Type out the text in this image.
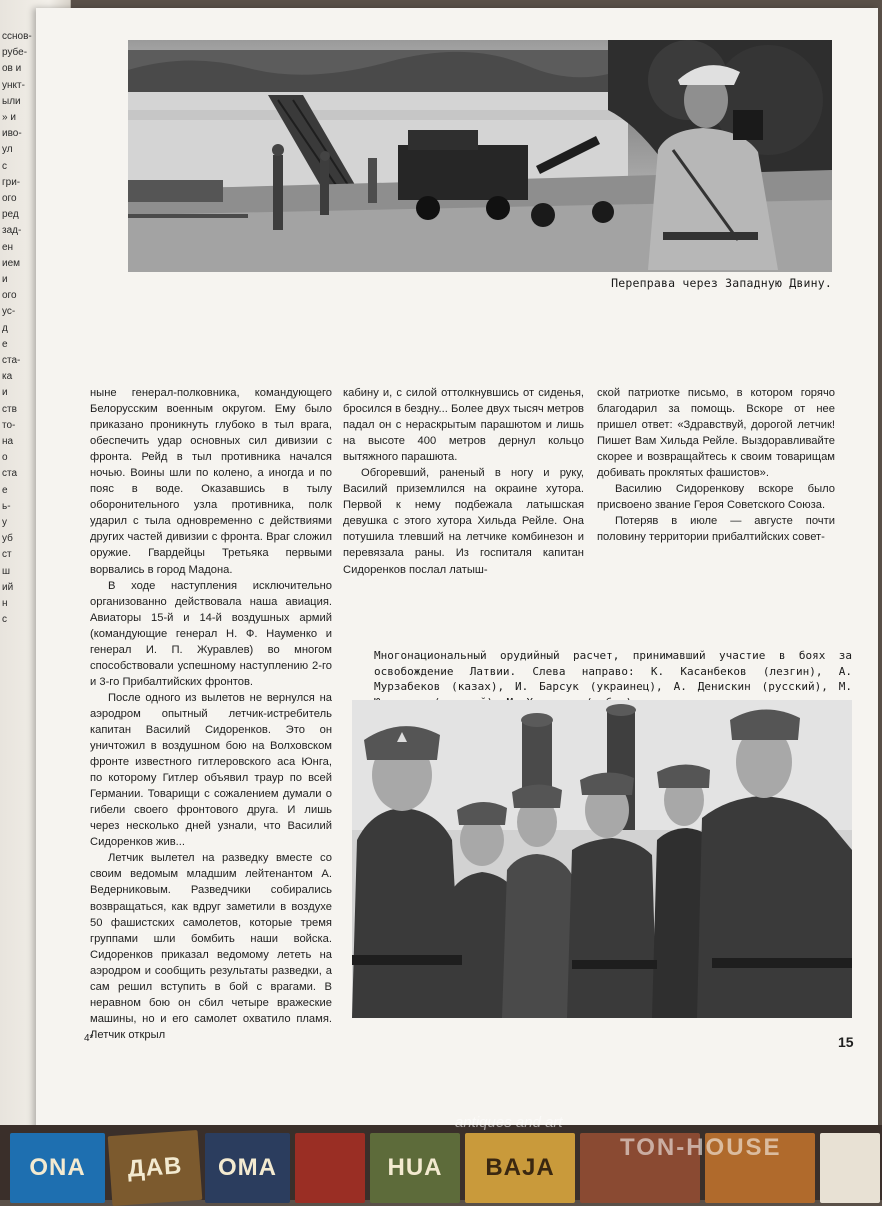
сснов-
рубе-
ов и
ункт-
ыли
» и
иво-
ул
с
гри-
ого
ред
зад-
ен
ием
и
ого
ус-
д
е
ста-
ка
и
ств
то-
на
о
ста
е
ь-
у
уб
ст
ш
ий
н
с
Переправа через Западную Двину.

ныне генерал-полковника, командующего Белорусским военным округом. Ему было приказано проникнуть глубоко в тыл врага, обеспечить удар основных сил дивизии с фронта. Рейд в тыл противника начался ночью. Воины шли по колено, а иногда и по пояс в воде. Оказавшись в тылу оборонительного узла противника, полк ударил с тыла одновременно с действиями других частей дивизии с фронта. Враг сложил оружие. Гвардейцы Третьяка первыми ворвались в город Мадона.

В ходе наступления исключительно организованно действовала наша авиация. Авиаторы 15-й и 14-й воздушных армий (командующие генерал Н. Ф. Науменко и генерал И. П. Журавлев) во многом способствовали успешному наступлению 2-го и 3-го Прибалтийских фронтов.

После одного из вылетов не вернулся на аэродром опытный летчик-истребитель капитан Василий Сидоренков. Это он уничтожил в воздушном бою на Волховском фронте известного гитлеровского аса Юнга, по которому Гитлер объявил траур по всей Германии. Товарищи с сожалением думали о гибели своего фронтового друга. И лишь через несколько дней узнали, что Василий Сидоренков жив...

Летчик вылетел на разведку вместе со своим ведомым младшим лейтенантом А. Ведерниковым. Разведчики собирались возвращаться, как вдруг заметили в воздухе 50 фашистских самолетов, которые тремя группами шли бомбить наши войска. Сидоренков приказал ведомому лететь на аэродром и сообщить результаты разведки, а сам решил вступить в бой с врагами. В неравном бою он сбил четыре вражеские машины, но и его самолет охватило пламя. Летчик открыл

кабину и, с силой оттолкнувшись от сиденья, бросился в бездну... Более двух тысяч метров падал он с нераскрытым парашютом и лишь на высоте 400 метров дернул кольцо вытяжного парашюта.

Обгоревший, раненый в ногу и руку, Василий приземлился на окраине хутора. Первой к нему подбежала латышская девушка с этого хутора Хильда Рейле. Она потушила тлевший на летчике комбинезон и перевязала раны. Из госпиталя капитан Сидоренков послал латыш-

ской патриотке письмо, в котором горячо благодарил за помощь. Вскоре от нее пришел ответ: «Здравствуй, дорогой летчик! Пишет Вам Хильда Рейле. Выздоравливайте скорее и возвращайтесь к своим товарищам добивать проклятых фашистов».

Василию Сидоренкову вскоре было присвоено звание Героя Советского Союза.

Потеряв в июле — августе почти половину территории прибалтийских совет-

Многонациональный орудийный расчет, принимавший участие в боях за освобождение Латвии. Слева направо: К. Касанбеков (лезгин), А. Мурзабеков (казах), И. Барсук (украинец), А. Денискин (русский), М.
4*	15
ONA	ДАВ	ОМА	HUA	BAJA
antiques and art
TON-HOUSE
